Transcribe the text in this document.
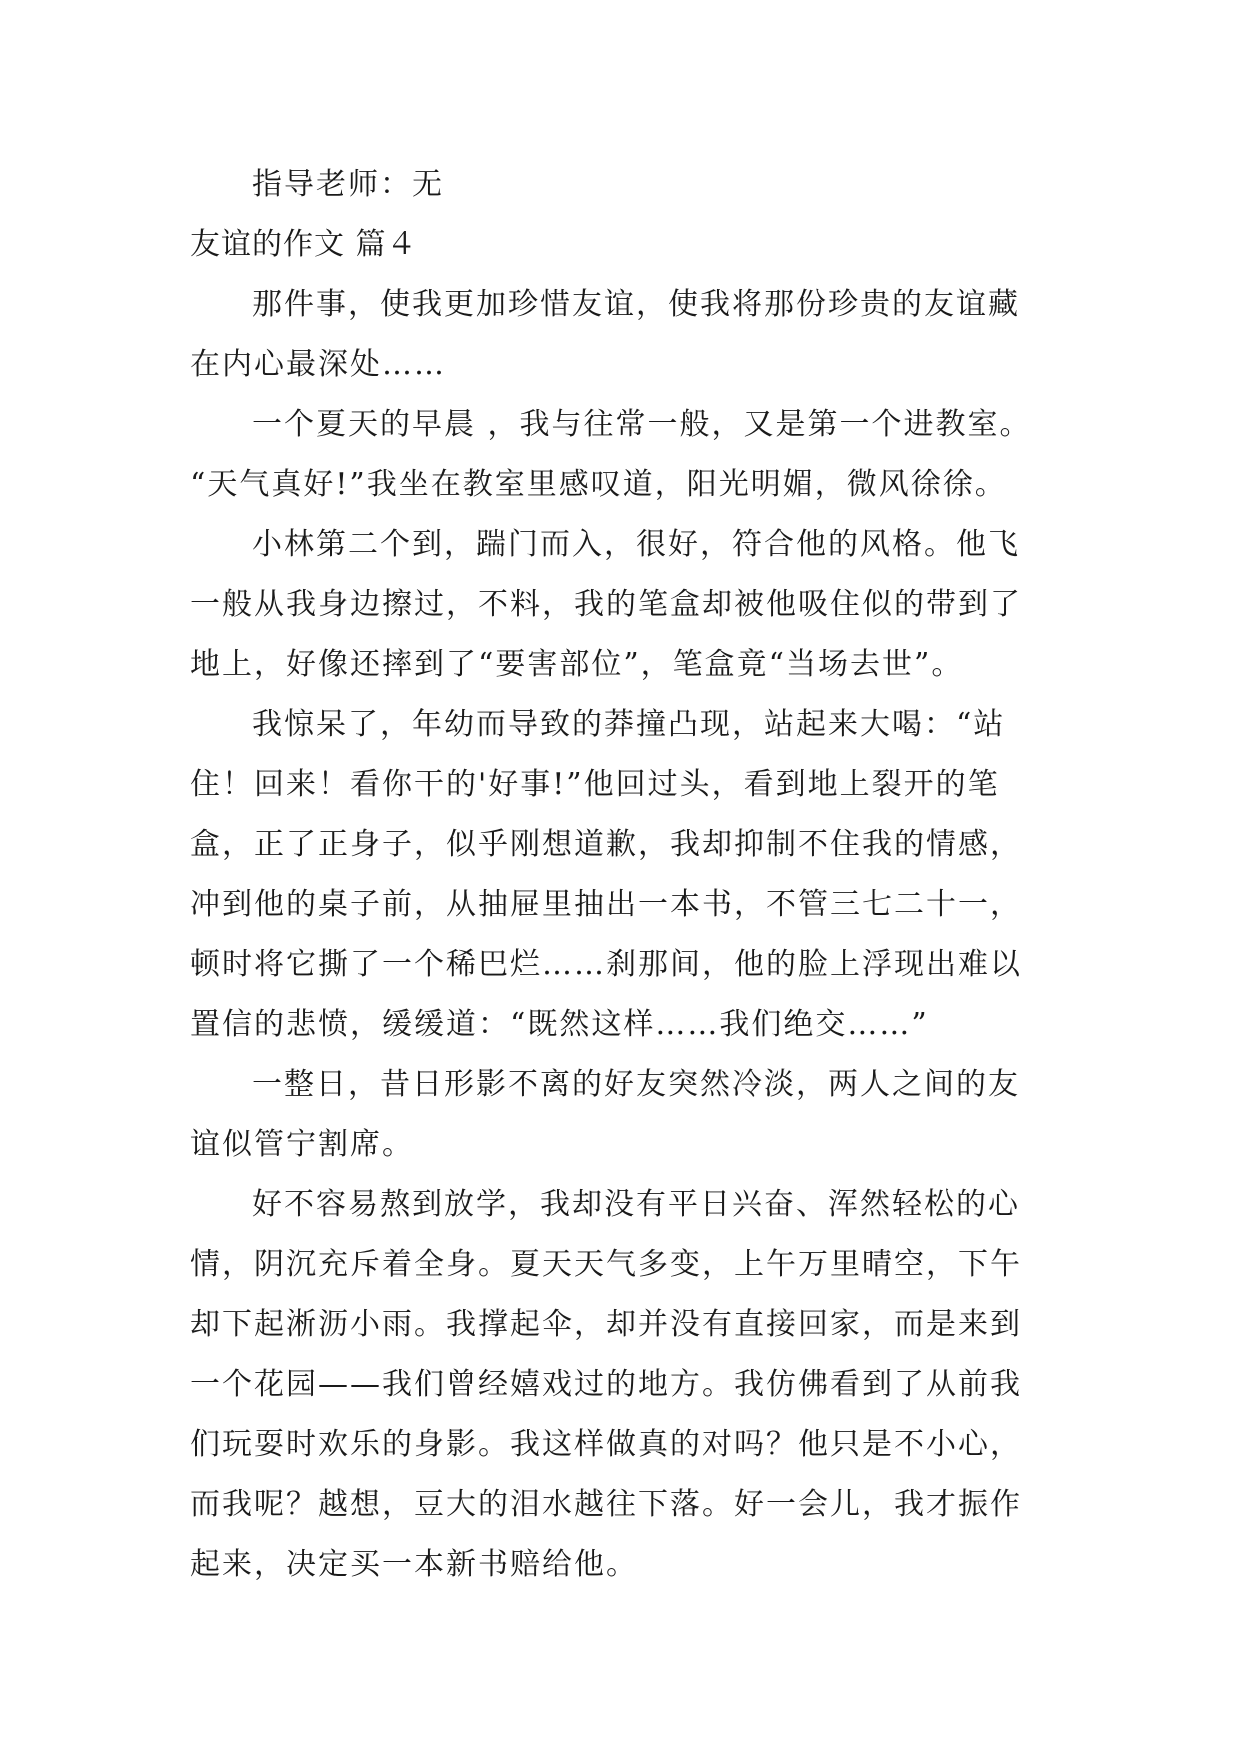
指导老师：无
友谊的作文 篇４
那件事，使我更加珍惜友谊，使我将那份珍贵的友谊藏
在内心最深处……
一个夏天的早晨 ，我与往常一般，又是第一个进教室。
“天气真好!”我坐在教室里感叹道，阳光明媚，微风徐徐。
小林第二个到，踹门而入，很好，符合他的风格。他飞
一般从我身边擦过，不料，我的笔盒却被他吸住似的带到了
地上，好像还摔到了“要害部位”，笔盒竟“当场去世”。
我惊呆了，年幼而导致的莽撞凸现，站起来大喝：“站
住！回来！看你干的'好事!”他回过头，看到地上裂开的笔
盒，正了正身子，似乎刚想道歉，我却抑制不住我的情感，
冲到他的桌子前，从抽屉里抽出一本书，不管三七二十一，
顿时将它撕了一个稀巴烂……刹那间，他的脸上浮现出难以
置信的悲愤，缓缓道：“既然这样……我们绝交……”
一整日，昔日形影不离的好友突然冷淡，两人之间的友
谊似管宁割席。
好不容易熬到放学，我却没有平日兴奋、浑然轻松的心
情，阴沉充斥着全身。夏天天气多变，上午万里晴空，下午
却下起淅沥小雨。我撑起伞，却并没有直接回家，而是来到
一个花园——我们曾经嬉戏过的地方。我仿佛看到了从前我
们玩耍时欢乐的身影。我这样做真的对吗？他只是不小心，
而我呢？越想，豆大的泪水越往下落。好一会儿，我才振作
起来，决定买一本新书赔给他。
